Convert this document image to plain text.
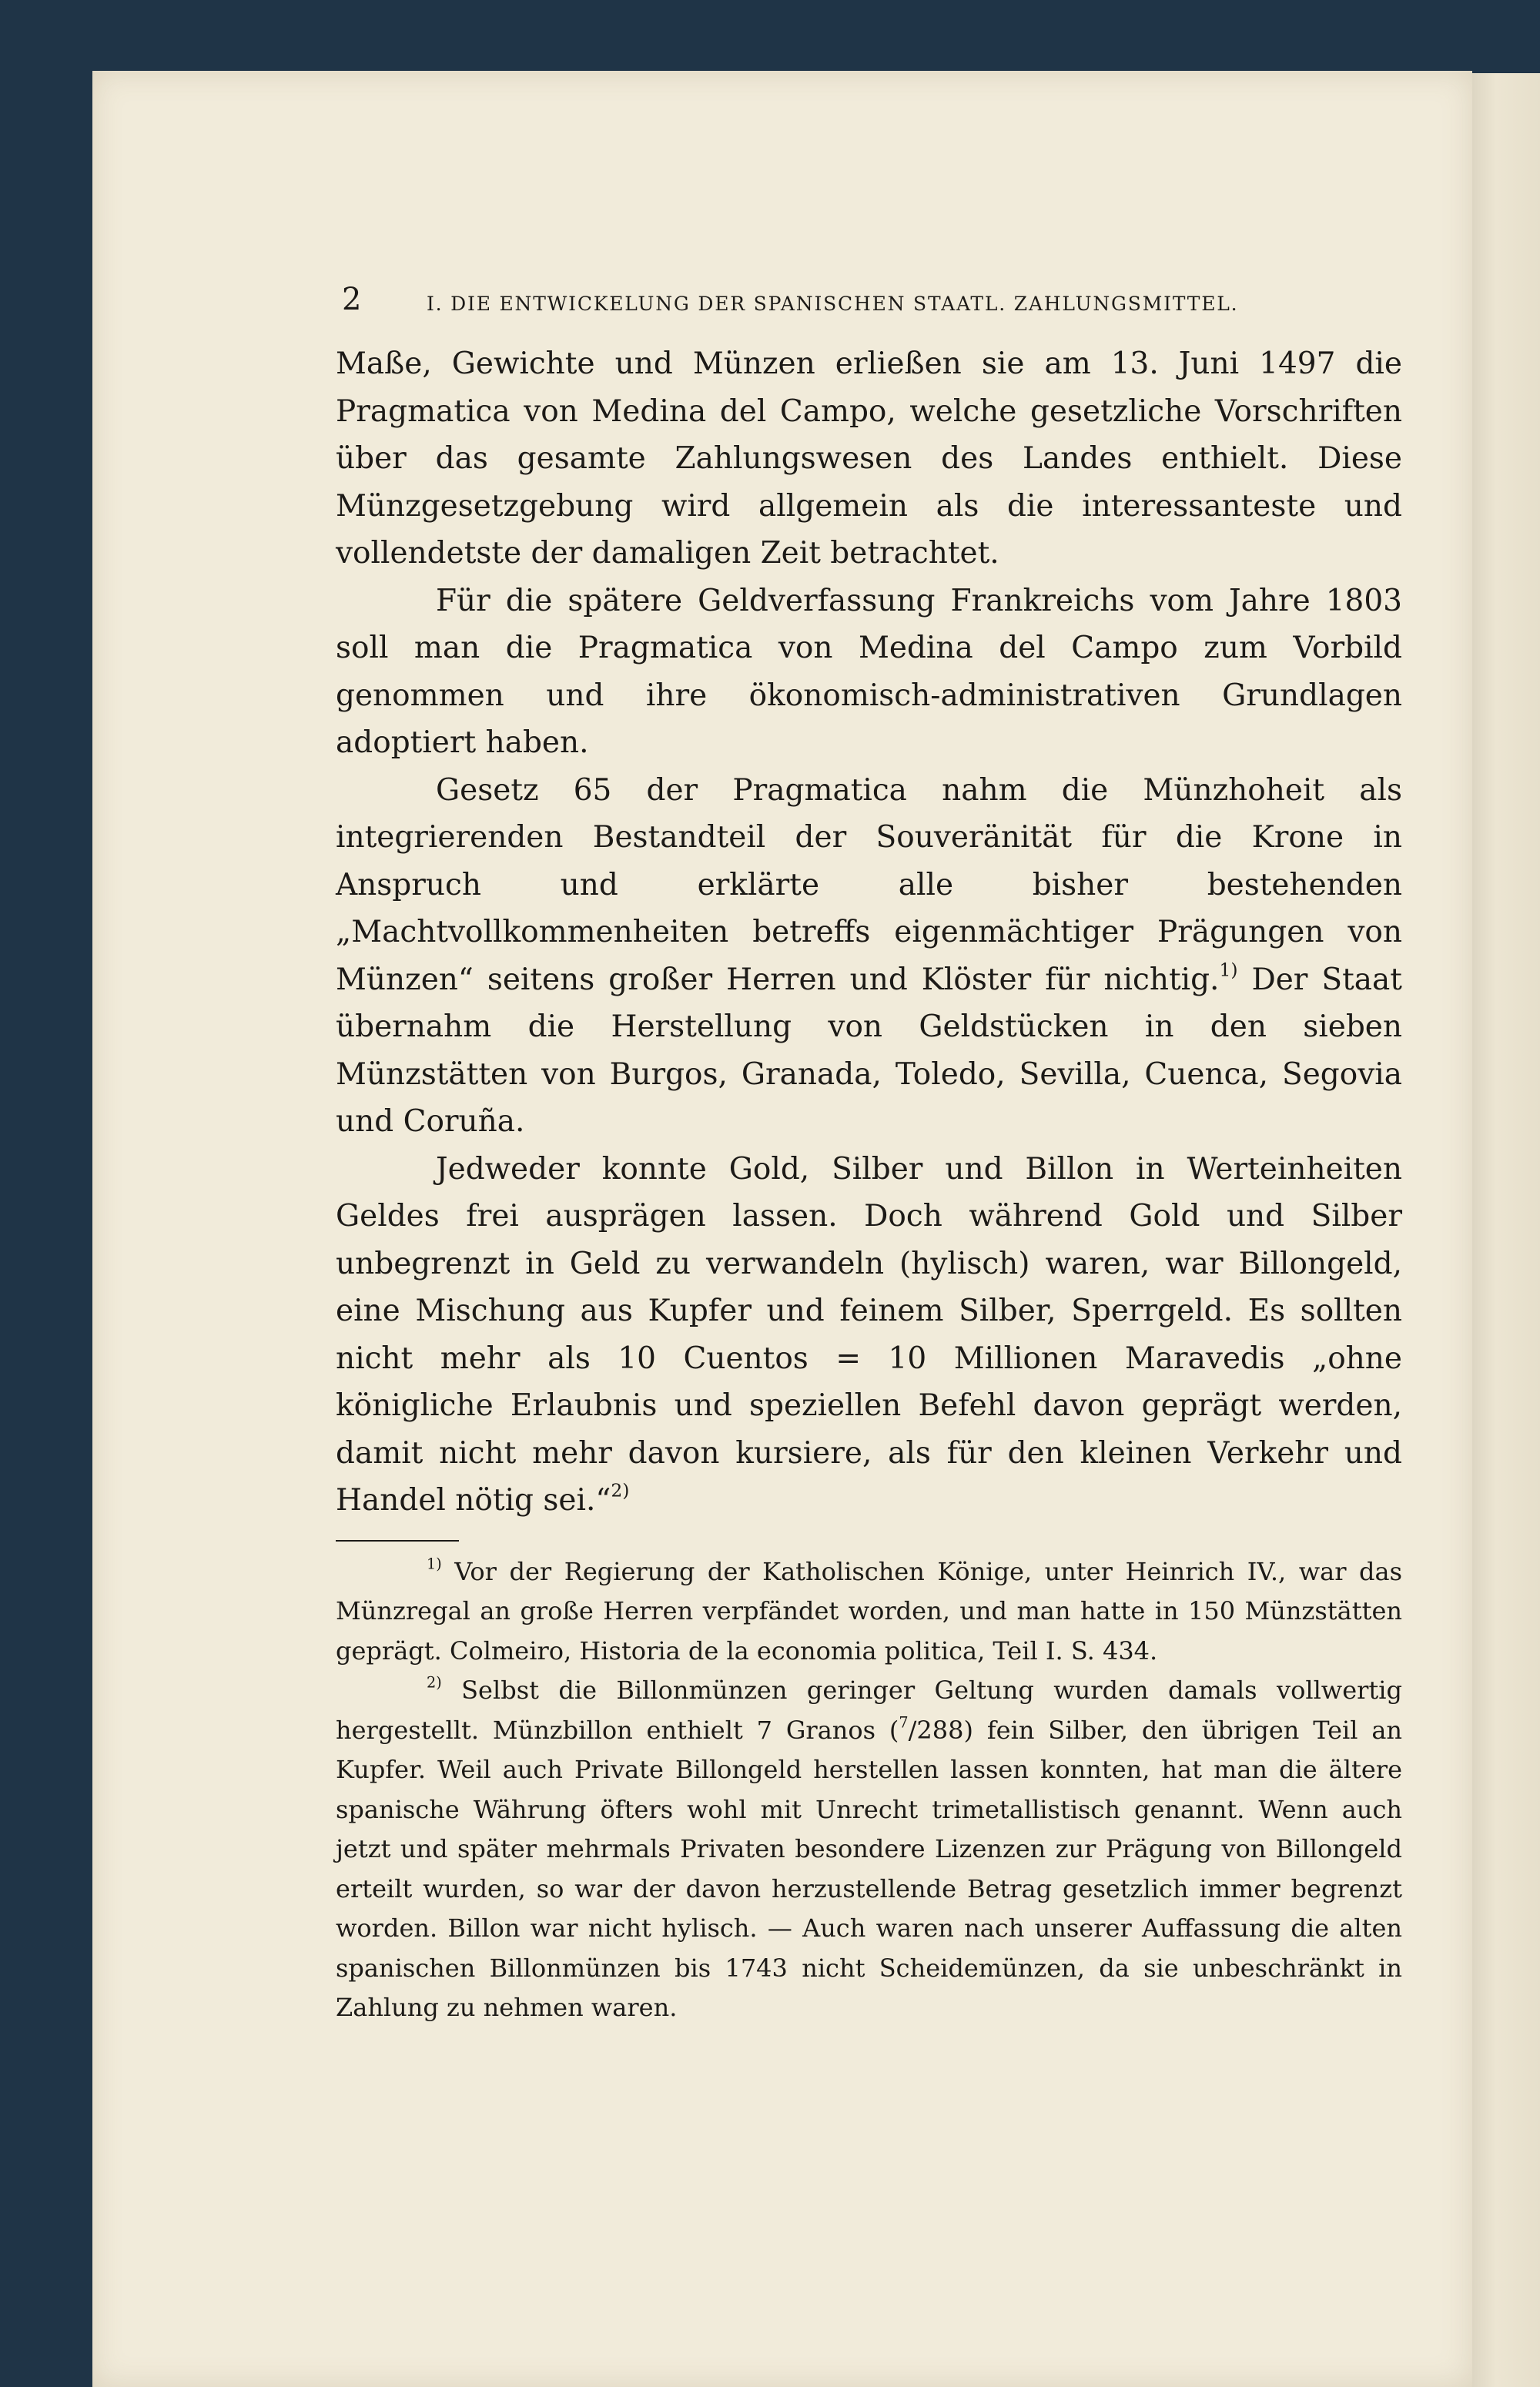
2	I. DIE ENTWICKELUNG DER SPANISCHEN STAATL. ZAHLUNGSMITTEL.

Maße, Gewichte und Münzen erließen sie am 13. Juni 1497 die Pragmatica von Medina del Campo, welche gesetzliche Vorschriften über das gesamte Zahlungswesen des Landes enthielt. Diese Münzgesetzgebung wird allgemein als die interessanteste und vollendetste der damaligen Zeit betrachtet.

Für die spätere Geldverfassung Frankreichs vom Jahre 1803 soll man die Pragmatica von Medina del Campo zum Vorbild genommen und ihre ökonomisch-administrativen Grundlagen adoptiert haben.

Gesetz 65 der Pragmatica nahm die Münzhoheit als integrierenden Bestandteil der Souveränität für die Krone in Anspruch und erklärte alle bisher bestehenden „Machtvollkommenheiten betreffs eigenmächtiger Prägungen von Münzen“ seitens großer Herren und Klöster für nichtig.$^{1)}$ Der Staat übernahm die Herstellung von Geldstücken in den sieben Münzstätten von Burgos, Granada, Toledo, Sevilla, Cuenca, Segovia und Coruña.

Jedweder konnte Gold, Silber und Billon in Werteinheiten Geldes frei ausprägen lassen. Doch während Gold und Silber unbegrenzt in Geld zu verwandeln (hylisch) waren, war Billongeld, eine Mischung aus Kupfer und feinem Silber, Sperrgeld. Es sollten nicht mehr als 10 Cuentos = 10 Millionen Maravedis „ohne königliche Erlaubnis und speziellen Befehl davon geprägt werden, damit nicht mehr davon kursiere, als für den kleinen Verkehr und Handel nötig sei.“$^{2)}$

$^{1)}$ Vor der Regierung der Katholischen Könige, unter Heinrich IV., war das Münzregal an große Herren verpfändet worden, und man hatte in 150 Münzstätten geprägt. Colmeiro, Historia de la economia politica, Teil I. S. 434.

$^{2)}$ Selbst die Billonmünzen geringer Geltung wurden damals vollwertig hergestellt. Münzbillon enthielt 7 Granos ($^7$/288) fein Silber, den übrigen Teil an Kupfer. Weil auch Private Billongeld herstellen lassen konnten, hat man die ältere spanische Währung öfters wohl mit Unrecht trimetallistisch genannt. Wenn auch jetzt und später mehrmals Privaten besondere Lizenzen zur Prägung von Billongeld erteilt wurden, so war der davon herzustellende Betrag gesetzlich immer begrenzt worden. Billon war nicht hylisch. — Auch waren nach unserer Auffassung die alten spanischen Billonmünzen bis 1743 nicht Scheidemünzen, da sie unbeschränkt in Zahlung zu nehmen waren.
